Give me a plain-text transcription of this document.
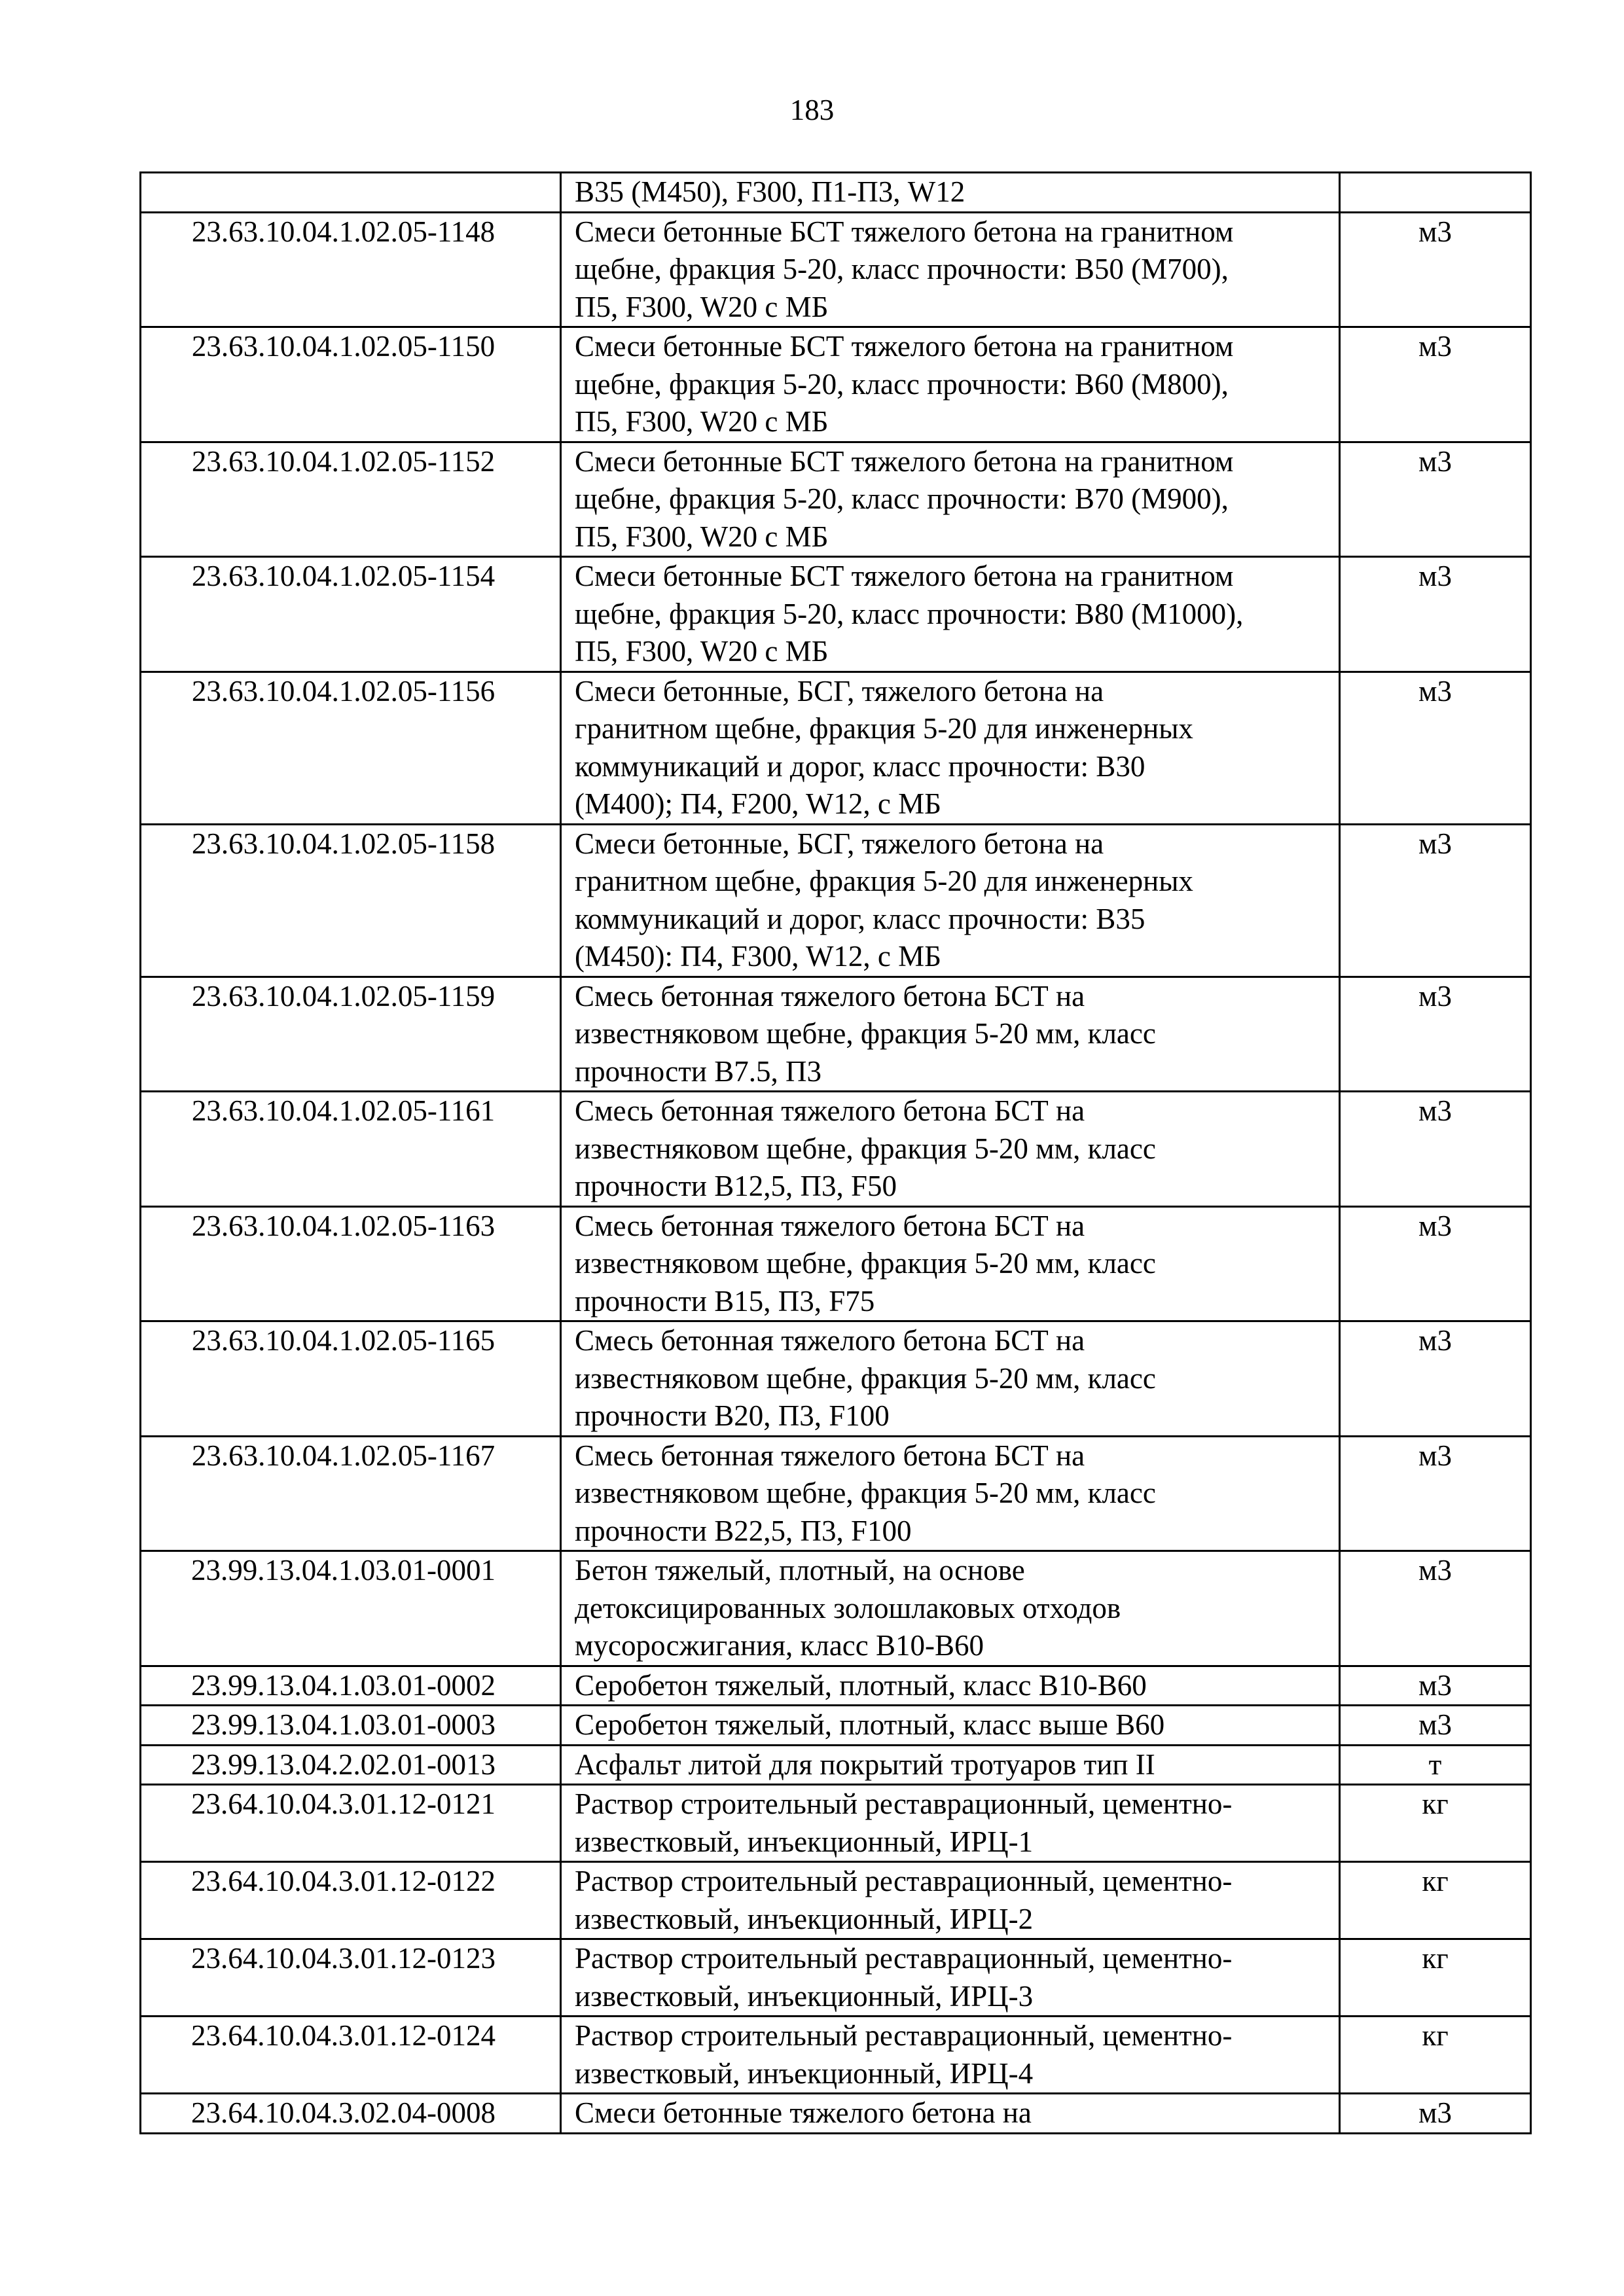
183
	B35 (M450), F300, П1-П3, W12	
23.63.10.04.1.02.05-1148	Смеси бетонные БСТ тяжелого бетона на гранитном
щебне, фракция 5-20, класс прочности: B50 (M700),
П5, F300, W20 с МБ	м3
23.63.10.04.1.02.05-1150	Смеси бетонные БСТ тяжелого бетона на гранитном
щебне, фракция 5-20, класс прочности: B60 (M800),
П5, F300, W20 с МБ	м3
23.63.10.04.1.02.05-1152	Смеси бетонные БСТ тяжелого бетона на гранитном
щебне, фракция 5-20, класс прочности: B70 (M900),
П5, F300, W20 с МБ	м3
23.63.10.04.1.02.05-1154	Смеси бетонные БСТ тяжелого бетона на гранитном
щебне, фракция 5-20, класс прочности: B80 (M1000),
П5, F300, W20 с МБ	м3
23.63.10.04.1.02.05-1156	Смеси бетонные, БСГ, тяжелого бетона на
гранитном щебне, фракция 5-20 для инженерных
коммуникаций и дорог, класс прочности: B30
(M400); П4, F200, W12, с МБ	м3
23.63.10.04.1.02.05-1158	Смеси бетонные, БСГ, тяжелого бетона на
гранитном щебне, фракция 5-20 для инженерных
коммуникаций и дорог, класс прочности: B35
(M450): П4, F300, W12, с МБ	м3
23.63.10.04.1.02.05-1159	Смесь бетонная тяжелого бетона БСТ на
известняковом щебне, фракция 5-20 мм, класс
прочности B7.5, П3	м3
23.63.10.04.1.02.05-1161	Смесь бетонная тяжелого бетона БСТ на
известняковом щебне, фракция 5-20 мм, класс
прочности B12,5, П3, F50	м3
23.63.10.04.1.02.05-1163	Смесь бетонная тяжелого бетона БСТ на
известняковом щебне, фракция 5-20 мм, класс
прочности B15, П3, F75	м3
23.63.10.04.1.02.05-1165	Смесь бетонная тяжелого бетона БСТ на
известняковом щебне, фракция 5-20 мм, класс
прочности B20, П3, F100	м3
23.63.10.04.1.02.05-1167	Смесь бетонная тяжелого бетона БСТ на
известняковом щебне, фракция 5-20 мм, класс
прочности B22,5, П3, F100	м3
23.99.13.04.1.03.01-0001	Бетон тяжелый, плотный, на основе
детоксицированных золошлаковых отходов
мусоросжигания, класс B10-B60	м3
23.99.13.04.1.03.01-0002	Серобетон тяжелый, плотный, класс B10-B60	м3
23.99.13.04.1.03.01-0003	Серобетон тяжелый, плотный, класс выше B60	м3
23.99.13.04.2.02.01-0013	Асфальт литой для покрытий тротуаров тип II	т
23.64.10.04.3.01.12-0121	Раствор строительный реставрационный, цементно-
известковый, инъекционный, ИРЦ-1	кг
23.64.10.04.3.01.12-0122	Раствор строительный реставрационный, цементно-
известковый, инъекционный, ИРЦ-2	кг
23.64.10.04.3.01.12-0123	Раствор строительный реставрационный, цементно-
известковый, инъекционный, ИРЦ-3	кг
23.64.10.04.3.01.12-0124	Раствор строительный реставрационный, цементно-
известковый, инъекционный, ИРЦ-4	кг
23.64.10.04.3.02.04-0008	Смеси бетонные тяжелого бетона на	м3
